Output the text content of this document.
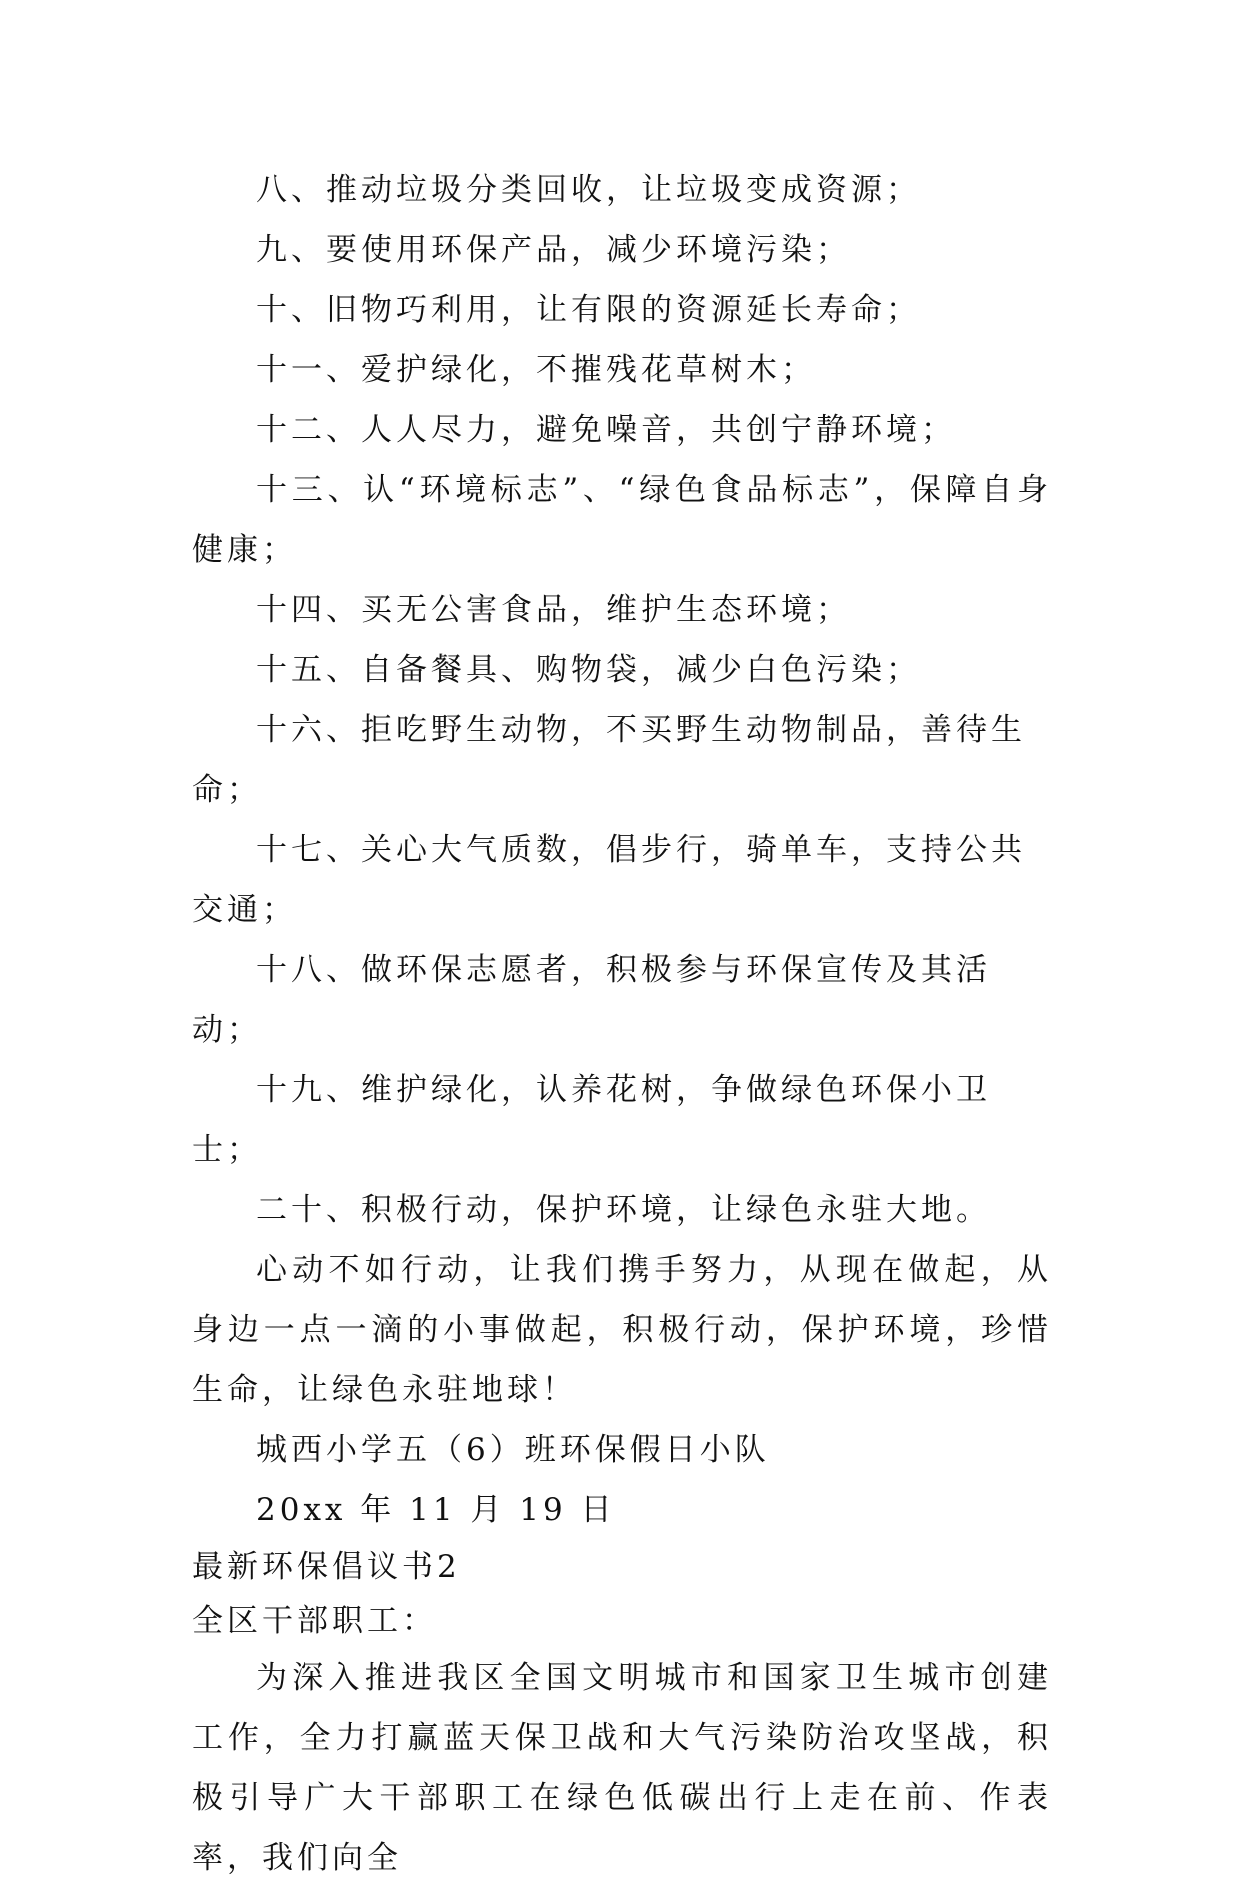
八、推动垃圾分类回收，让垃圾变成资源；

九、要使用环保产品，减少环境污染；

十、旧物巧利用，让有限的资源延长寿命；

十一、爱护绿化，不摧残花草树木；

十二、人人尽力，避免噪音，共创宁静环境；

十三、认“环境标志”、“绿色食品标志”，保障自身健康；

十四、买无公害食品，维护生态环境；

十五、自备餐具、购物袋，减少白色污染；

十六、拒吃野生动物，不买野生动物制品，善待生命；

十七、关心大气质数，倡步行，骑单车，支持公共交通；

十八、做环保志愿者，积极参与环保宣传及其活动；

十九、维护绿化，认养花树，争做绿色环保小卫士；

二十、积极行动，保护环境，让绿色永驻大地。

心动不如行动，让我们携手努力，从现在做起，从身边一点一滴的小事做起，积极行动，保护环境，珍惜生命，让绿色永驻地球！

城西小学五（6）班环保假日小队

20xx 年 11 月 19 日

最新环保倡议书2

全区干部职工：

为深入推进我区全国文明城市和国家卫生城市创建工作，全力打赢蓝天保卫战和大气污染防治攻坚战，积极引导广大干部职工在绿色低碳出行上走在前、作表率，我们向全
